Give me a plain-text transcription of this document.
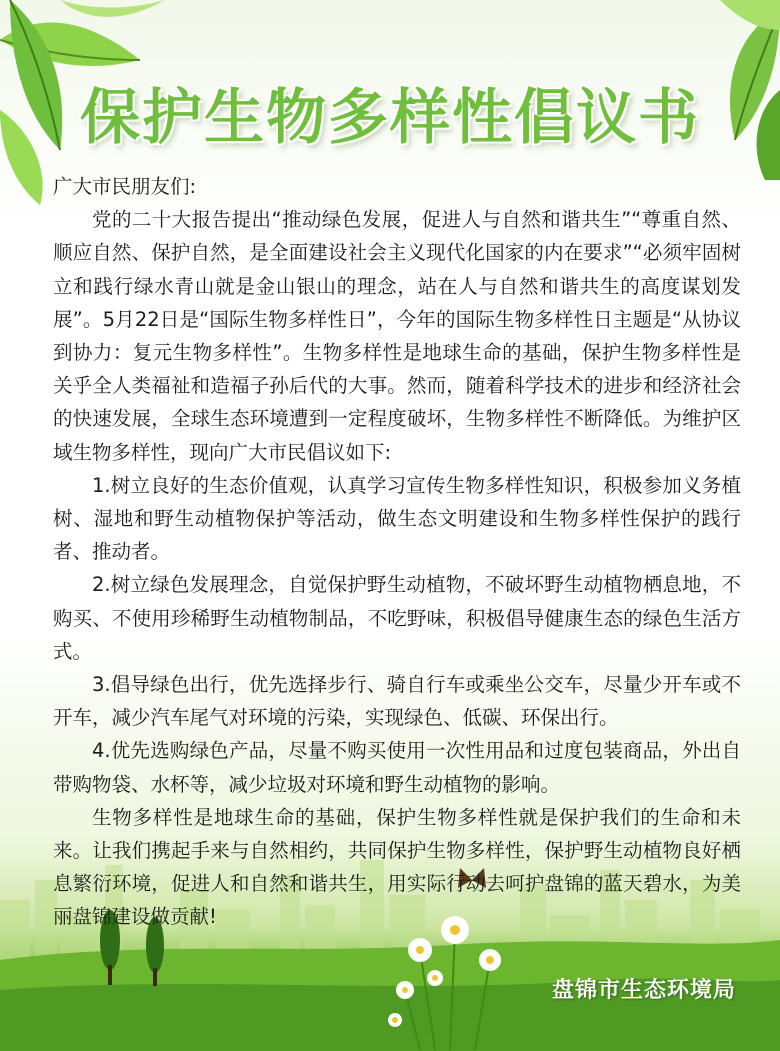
保护生物多样性倡议书

广大市民朋友们:

党的二十大报告提出“推动绿色发展，促进人与自然和谐共生”“尊重自然、顺应自然、保护自然，是全面建设社会主义现代化国家的内在要求”“必须牢固树立和践行绿水青山就是金山银山的理念，站在人与自然和谐共生的高度谋划发展”。5月22日是“国际生物多样性日”，今年的国际生物多样性日主题是“从协议到协力：复元生物多样性”。生物多样性是地球生命的基础，保护生物多样性是关乎全人类福祉和造福子孙后代的大事。然而，随着科学技术的进步和经济社会的快速发展，全球生态环境遭到一定程度破坏，生物多样性不断降低。为维护区域生物多样性，现向广大市民倡议如下:

1.树立良好的生态价值观，认真学习宣传生物多样性知识，积极参加义务植树、湿地和野生动植物保护等活动，做生态文明建设和生物多样性保护的践行者、推动者。

2.树立绿色发展理念，自觉保护野生动植物，不破坏野生动植物栖息地，不购买、不使用珍稀野生动植物制品，不吃野味，积极倡导健康生态的绿色生活方式。

3.倡导绿色出行，优先选择步行、骑自行车或乘坐公交车，尽量少开车或不开车，减少汽车尾气对环境的污染，实现绿色、低碳、环保出行。

4.优先选购绿色产品，尽量不购买使用一次性用品和过度包装商品，外出自带购物袋、水杯等，减少垃圾对环境和野生动植物的影响。

生物多样性是地球生命的基础，保护生物多样性就是保护我们的生命和未来。让我们携起手来与自然相约，共同保护生物多样性，保护野生动植物良好栖息繁衍环境，促进人和自然和谐共生，用实际行动去呵护盘锦的蓝天碧水，为美丽盘锦建设做贡献!

盘锦市生态环境局
